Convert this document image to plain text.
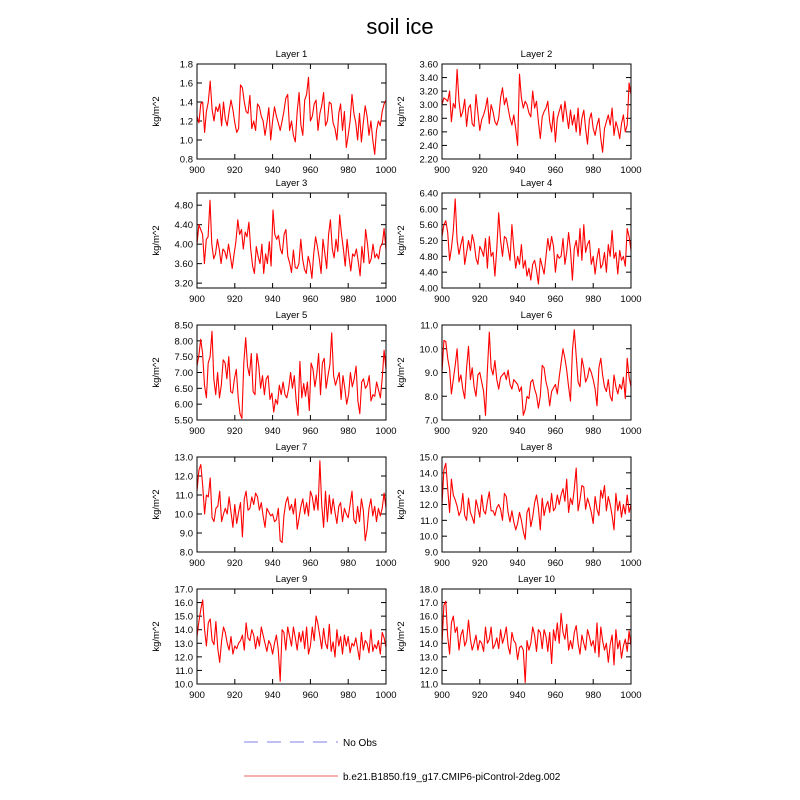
soil ice
Layer 1
0.8
1.0
1.2
1.4
1.6
1.8
900 920 940 960 980 1000
kg/m^2
Layer 2
2.20
2.40
2.60
2.80
3.00
3.20
3.40
3.60
900 920 940 960 980 1000
kg/m^2
Layer 3
3.20
3.60
4.00
4.40
4.80
900 920 940 960 980 1000
kg/m^2
Layer 4
4.00
4.40
4.80
5.20
5.60
6.00
6.40
900 920 940 960 980 1000
kg/m^2
Layer 5
5.50
6.00
6.50
7.00
7.50
8.00
8.50
900 920 940 960 980 1000
kg/m^2
Layer 6
7.0
8.0
9.0
10.0
11.0
900 920 940 960 980 1000
kg/m^2
Layer 7
8.0
9.0
10.0
11.0
12.0
13.0
900 920 940 960 980 1000
kg/m^2
Layer 8
9.0
10.0
11.0
12.0
13.0
14.0
15.0
900 920 940 960 980 1000
kg/m^2
Layer 9
10.0
11.0
12.0
13.0
14.0
15.0
16.0
17.0
900 920 940 960 980 1000
kg/m^2
Layer 10
11.0
12.0
13.0
14.0
15.0
16.0
17.0
18.0
900 920 940 960 980 1000
kg/m^2
No Obs
b.e21.B1850.f19_g17.CMIP6-piControl-2deg.002
